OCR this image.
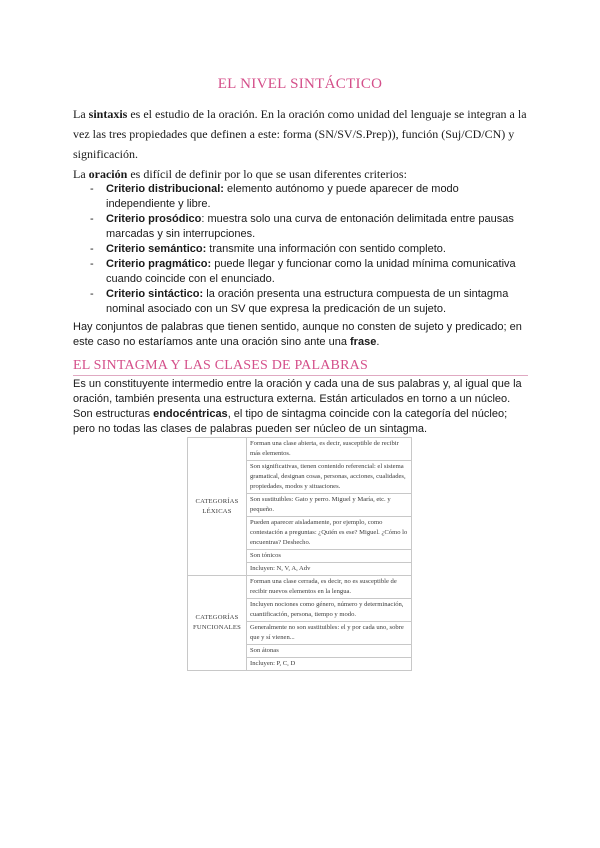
EL NIVEL SINTÁCTICO
La sintaxis es el estudio de la oración. En la oración como unidad del lenguaje se integran a la vez las tres propiedades que definen a este: forma (SN/SV/S.Prep)), función (Suj/CD/CN) y significación.
La oración es difícil de definir por lo que se usan diferentes criterios:
- Criterio distribucional: elemento autónomo y puede aparecer de modo independiente y libre.
- Criterio prosódico: muestra solo una curva de entonación delimitada entre pausas marcadas y sin interrupciones.
- Criterio semántico: transmite una información con sentido completo.
- Criterio pragmático: puede llegar y funcionar como la unidad mínima comunicativa cuando coincide con el enunciado.
- Criterio sintáctico: la oración presenta una estructura compuesta de un sintagma nominal asociado con un SV que expresa la predicación de un sujeto.
Hay conjuntos de palabras que tienen sentido, aunque no consten de sujeto y predicado; en este caso no estaríamos ante una oración sino ante una frase.
EL SINTAGMA Y LAS CLASES DE PALABRAS
Es un constituyente intermedio entre la oración y cada una de sus palabras y, al igual que la oración, también presenta una estructura externa. Están articulados en torno a un núcleo. Son estructuras endocéntricas, el tipo de sintagma coincide con la categoría del núcleo; pero no todas las clases de palabras pueden ser núcleo de un sintagma.
CATEGORÍAS LÉXICAS	Forman una clase abierta, es decir, susceptible de recibir más elementos.
	Son significativas, tienen contenido referencial: el sistema gramatical, designan cosas, personas, acciones, cualidades, propiedades, modos y situaciones.
	Son sustituibles: Gato y perro. Miguel y María, etc. y pequeño.
	Pueden aparecer aisladamente, por ejemplo, como contestación a preguntas: ¿Quién es ese? Miguel. ¿Cómo lo encuentras? Deshecho.
	Son tónicos
	Incluyen: N, V, A, Adv
CATEGORÍAS FUNCIONALES	Forman una clase cerrada, es decir, no es susceptible de recibir nuevos elementos en la lengua.
	Incluyen nociones como género, número y determinación, cuantificación, persona, tiempo y modo.
	Generalmente no son sustituibles: el y por cada uno, sobre que y sí vienen...
	Son átonas
	Incluyen: P, C, D
